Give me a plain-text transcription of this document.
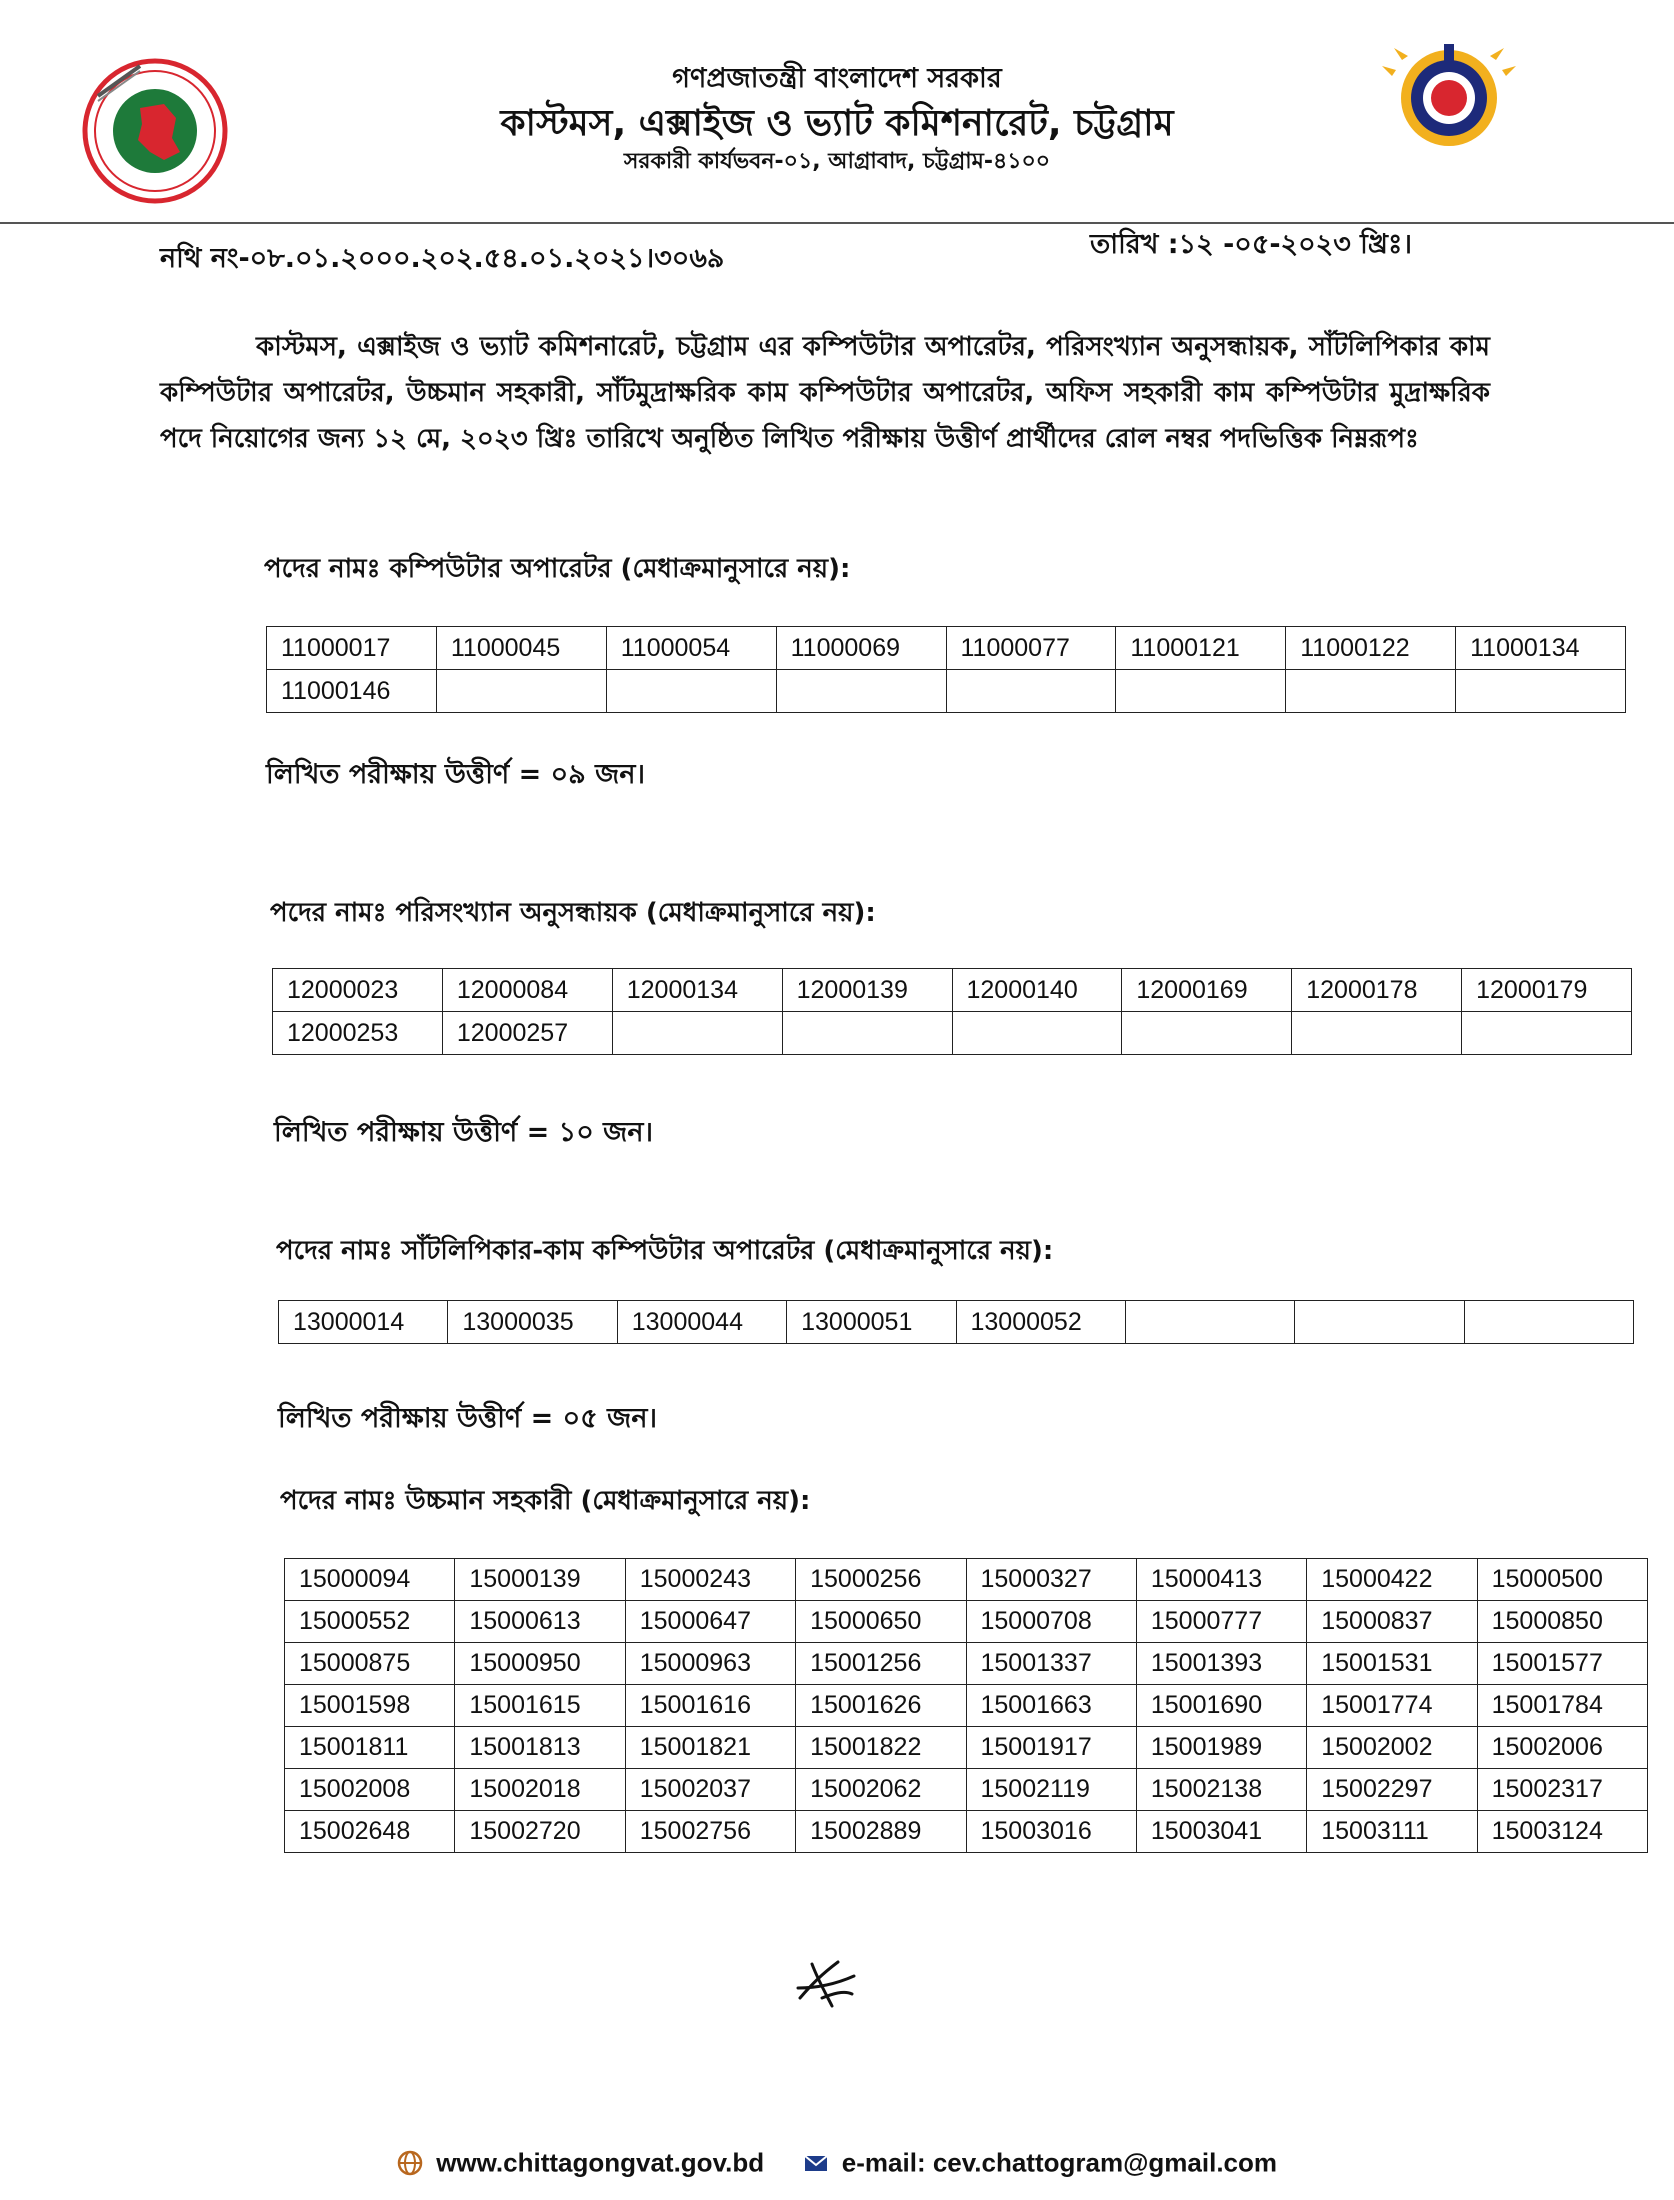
গণপ্রজাতন্ত্রী বাংলাদেশ সরকার
কাস্টমস, এক্সাইজ ও ভ্যাট কমিশনারেট, চট্টগ্রাম
সরকারী কার্যভবন-০১, আগ্রাবাদ, চট্টগ্রাম-৪১০০
নথি নং-০৮.০১.২০০০.২০২.৫৪.০১.২০২১।৩০৬৯	তারিখ :১২ -০৫-২০২৩ খ্রিঃ।
কাস্টমস, এক্সাইজ ও ভ্যাট কমিশনারেট, চট্টগ্রাম এর কম্পিউটার অপারেটর, পরিসংখ্যান অনুসন্ধায়ক, সাঁটলিপিকার কাম কম্পিউটার অপারেটর, উচ্চমান সহকারী, সাঁটমুদ্রাক্ষরিক কাম কম্পিউটার অপারেটর, অফিস সহকারী কাম কম্পিউটার মুদ্রাক্ষরিক পদে নিয়োগের জন্য ১২ মে, ২০২৩ খ্রিঃ তারিখে অনুষ্ঠিত লিখিত পরীক্ষায় উত্তীর্ণ প্রার্থীদের রোল নম্বর পদভিত্তিক নিম্নরূপঃ
পদের নামঃ কম্পিউটার অপারেটর (মেধাক্রমানুসারে নয়):
11000017	11000045	11000054	11000069	11000077	11000121	11000122	11000134
11000146							
লিখিত পরীক্ষায় উত্তীর্ণ = ০৯ জন।
পদের নামঃ পরিসংখ্যান অনুসন্ধায়ক (মেধাক্রমানুসারে নয়):
12000023	12000084	12000134	12000139	12000140	12000169	12000178	12000179
12000253	12000257						
লিখিত পরীক্ষায় উত্তীর্ণ = ১০ জন।
পদের নামঃ সাঁটলিপিকার-কাম কম্পিউটার অপারেটর (মেধাক্রমানুসারে নয়):
13000014	13000035	13000044	13000051	13000052			
লিখিত পরীক্ষায় উত্তীর্ণ = ০৫ জন।
পদের নামঃ উচ্চমান সহকারী (মেধাক্রমানুসারে নয়):
15000094	15000139	15000243	15000256	15000327	15000413	15000422	15000500
15000552	15000613	15000647	15000650	15000708	15000777	15000837	15000850
15000875	15000950	15000963	15001256	15001337	15001393	15001531	15001577
15001598	15001615	15001616	15001626	15001663	15001690	15001774	15001784
15001811	15001813	15001821	15001822	15001917	15001989	15002002	15002006
15002008	15002018	15002037	15002062	15002119	15002138	15002297	15002317
15002648	15002720	15002756	15002889	15003016	15003041	15003111	15003124
www.chittagongvat.gov.bd	e-mail: cev.chattogram@gmail.com
